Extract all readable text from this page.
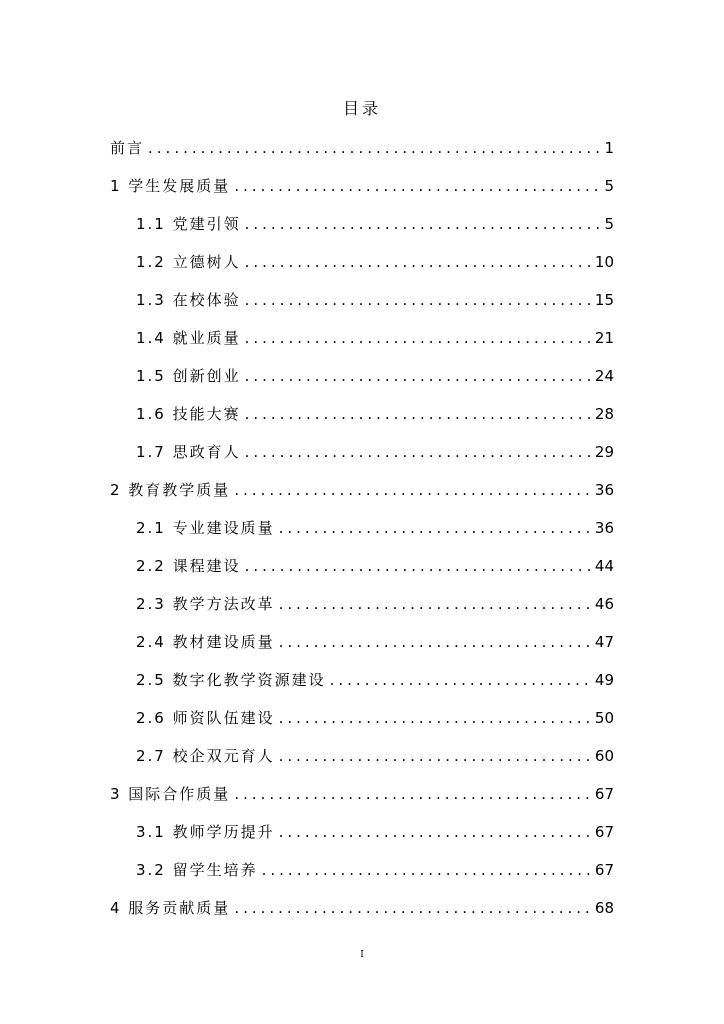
目录
前言 .....	1
1 学生发展质量 .....	5
1.1 党建引领 .....	5
1.2 立德树人 .....	10
1.3 在校体验 .....	15
1.4 就业质量 .....	21
1.5 创新创业 .....	24
1.6 技能大赛 .....	28
1.7 思政育人 .....	29
2 教育教学质量 .....	36
2.1 专业建设质量 .....	36
2.2 课程建设 .....	44
2.3 教学方法改革 .....	46
2.4 教材建设质量 .....	47
2.5 数字化教学资源建设 .....	49
2.6 师资队伍建设 .....	50
2.7 校企双元育人 .....	60
3 国际合作质量 .....	67
3.1 教师学历提升 .....	67
3.2 留学生培养 .....	67
4 服务贡献质量 .....	68
I
